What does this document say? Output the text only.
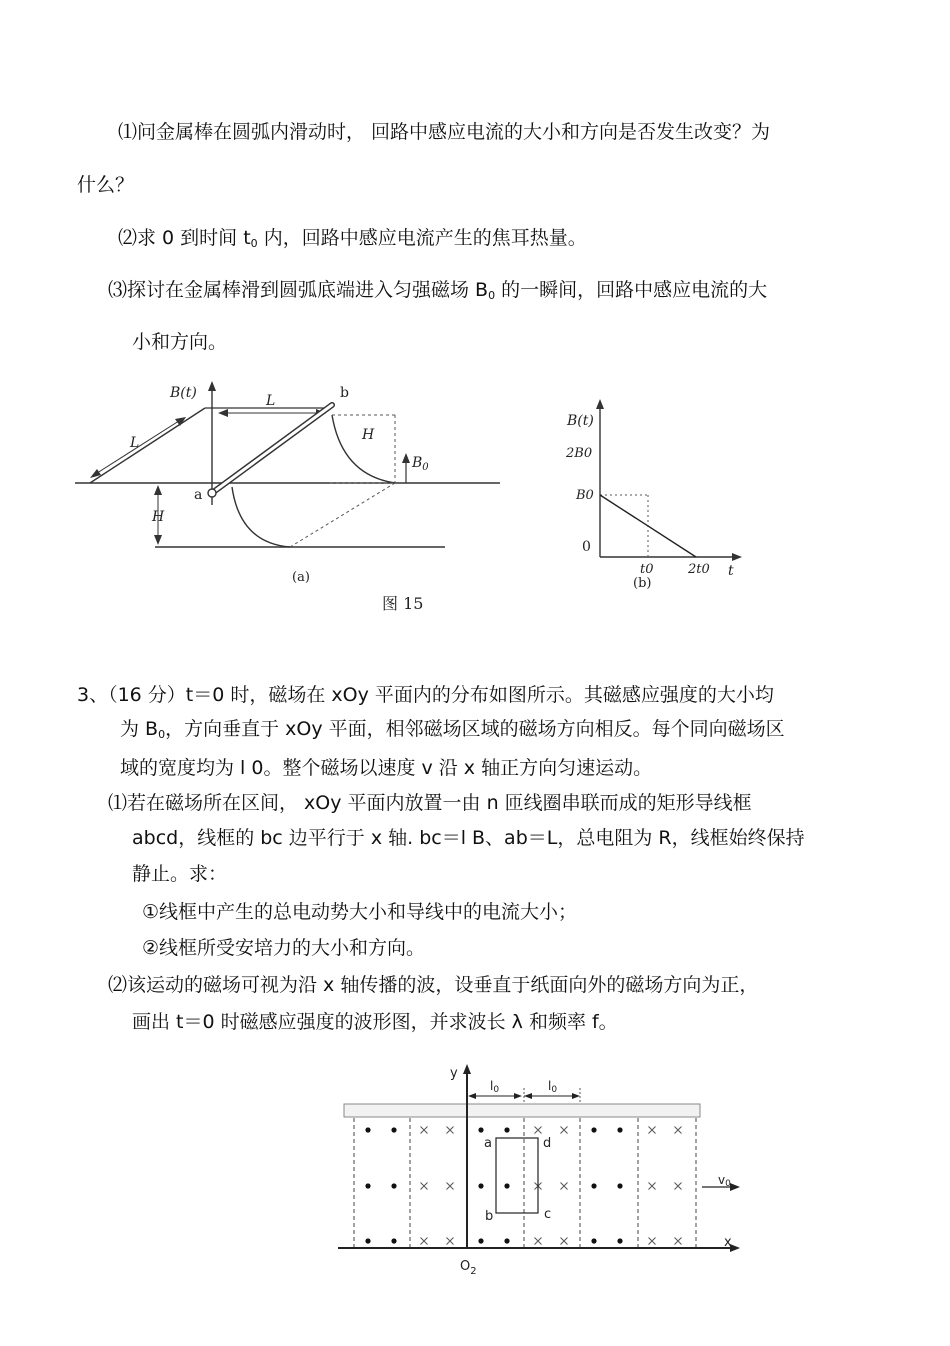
⑴问金属棒在圆弧内滑动时， 回路中感应电流的大小和方向是否发生改变？为
什么？
⑵求 0 到时间 t0 内，回路中感应电流产生的焦耳热量。
⑶探讨在金属棒滑到圆弧底端进入匀强磁场 B0 的一瞬间，回路中感应电流的大
小和方向。
B(t)	L
L
H
a
b
H
$B_0$
(a)
图 15
B(t)
t
0
2B0
B0
t0	2t0
(b)
3、（16 分）t＝0 时，磁场在 xOy 平面内的分布如图所示。其磁感应强度的大小均
为 B0，方向垂直于 xOy 平面，相邻磁场区域的磁场方向相反。每个同向磁场区
域的宽度均为 l 0。整个磁场以速度 v 沿 x 轴正方向匀速运动。
⑴若在磁场所在区间， xOy 平面内放置一由 n 匝线圈串联而成的矩形导线框
abcd，线框的 bc 边平行于 x 轴. bc＝l B、ab＝L，总电阻为 R，线框始终保持
静止。求：
①线框中产生的总电动势大小和导线中的电流大小；
②线框所受安培力的大小和方向。
⑵该运动的磁场可视为沿 x 轴传播的波，设垂直于纸面向外的磁场方向为正，
画出 t＝0 时磁感应强度的波形图，并求波长 λ 和频率 f。
y
x
$O_2$
l0	l0
a	d
b	c
v0
